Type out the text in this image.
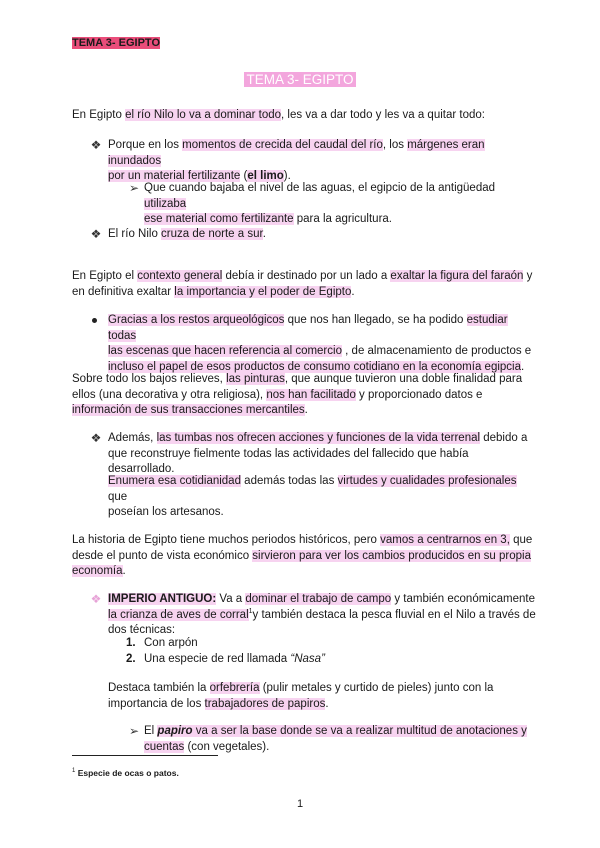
TEMA 3- EGIPTO
TEMA 3- EGIPTO
En Egipto el río Nilo lo va a dominar todo, les va a dar todo y les va a quitar todo:
❖ Porque en los momentos de crecida del caudal del río, los márgenes eran inundados
por un material fertilizante (el limo).
➢ Que cuando bajaba el nivel de las aguas, el egipcio de la antigüedad utilizaba
ese material como fertilizante para la agricultura.
❖ El río Nilo cruza de norte a sur.
En Egipto el contexto general debía ir destinado por un lado a exaltar la figura del faraón y
en definitiva exaltar la importancia y el poder de Egipto.
Gracias a los restos arqueológicos que nos han llegado, se ha podido estudiar todas
las escenas que hacen referencia al comercio , de almacenamiento de productos e
incluso el papel de esos productos de consumo cotidiano en la economía egipcia.
Sobre todo los bajos relieves, las pinturas, que aunque tuvieron una doble finalidad para
ellos (una decorativa y otra religiosa), nos han facilitado y proporcionado datos e
información de sus transacciones mercantiles.
❖ Además, las tumbas nos ofrecen acciones y funciones de la vida terrenal debido a
que reconstruye fielmente todas las actividades del fallecido que había desarrollado.
Enumera esa cotidianidad además todas las virtudes y cualidades profesionales que
poseían los artesanos.
La historia de Egipto tiene muchos periodos históricos, pero vamos a centrarnos en 3, que
desde el punto de vista económico sirvieron para ver los cambios producidos en su propia
economía.
❖ IMPERIO ANTIGUO: Va a dominar el trabajo de campo y también económicamente
la crianza de aves de corral$^1$y también destaca la pesca fluvial en el Nilo a través de
dos técnicas:
1. Con arpón
2. Una especie de red llamada “Nasa”
Destaca también la orfebrería (pulir metales y curtido de pieles) junto con la
importancia de los trabajadores de papiros.
➢ El papiro va a ser la base donde se va a realizar multitud de anotaciones y
cuentas (con vegetales).
$^1$ Especie de ocas o patos.
1
